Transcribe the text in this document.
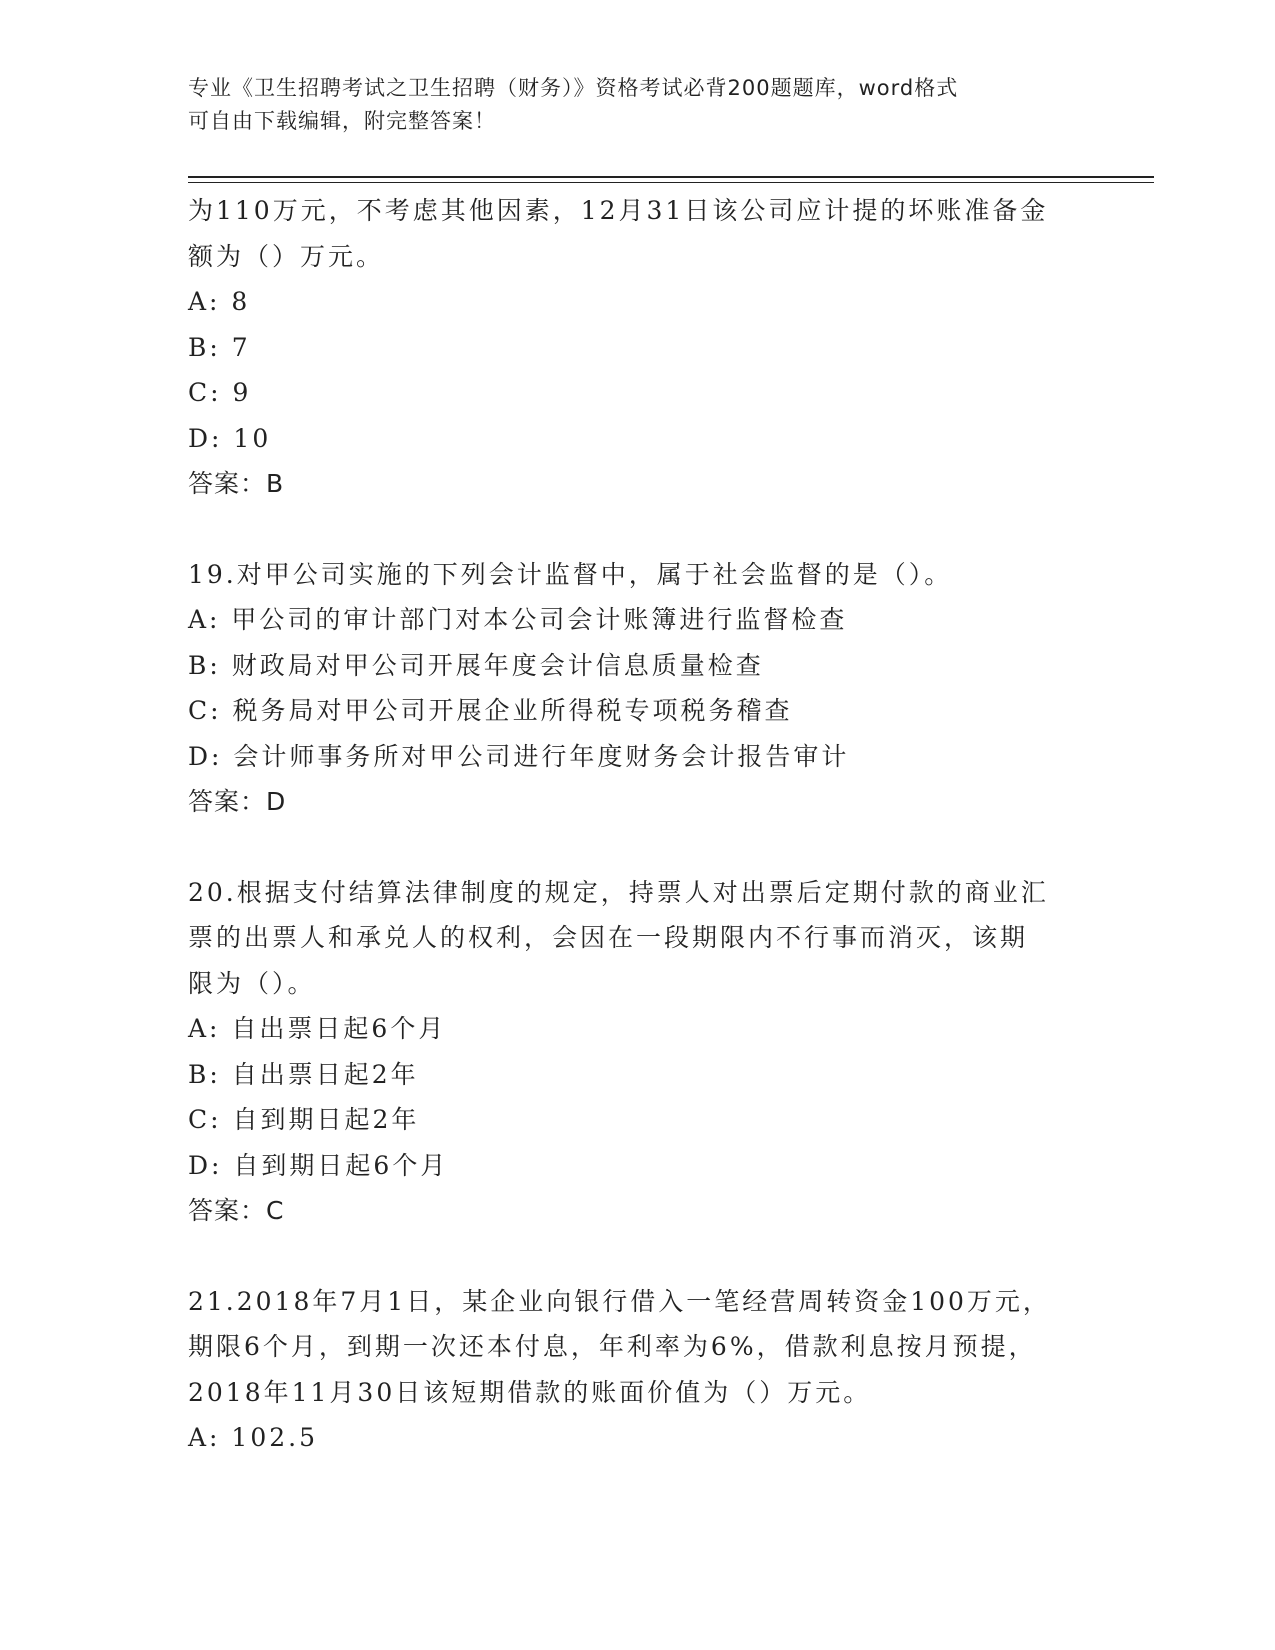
专业《卫生招聘考试之卫生招聘（财务）》资格考试必背200题题库，word格式
可自由下载编辑，附完整答案！
为110万元，不考虑其他因素，12月31日该公司应计提的坏账准备金
额为（）万元。
A: 8
B: 7
C: 9
D: 10
答案：B
19.对甲公司实施的下列会计监督中，属于社会监督的是（）。
A: 甲公司的审计部门对本公司会计账簿进行监督检查
B: 财政局对甲公司开展年度会计信息质量检查
C: 税务局对甲公司开展企业所得税专项税务稽查
D: 会计师事务所对甲公司进行年度财务会计报告审计
答案：D
20.根据支付结算法律制度的规定，持票人对出票后定期付款的商业汇
票的出票人和承兑人的权利，会因在一段期限内不行事而消灭，该期
限为（）。
A: 自出票日起6个月
B: 自出票日起2年
C: 自到期日起2年
D: 自到期日起6个月
答案：C
21.2018年7月1日，某企业向银行借入一笔经营周转资金100万元，
期限6个月，到期一次还本付息，年利率为6%，借款利息按月预提，
2018年11月30日该短期借款的账面价值为（）万元。
A: 102.5
